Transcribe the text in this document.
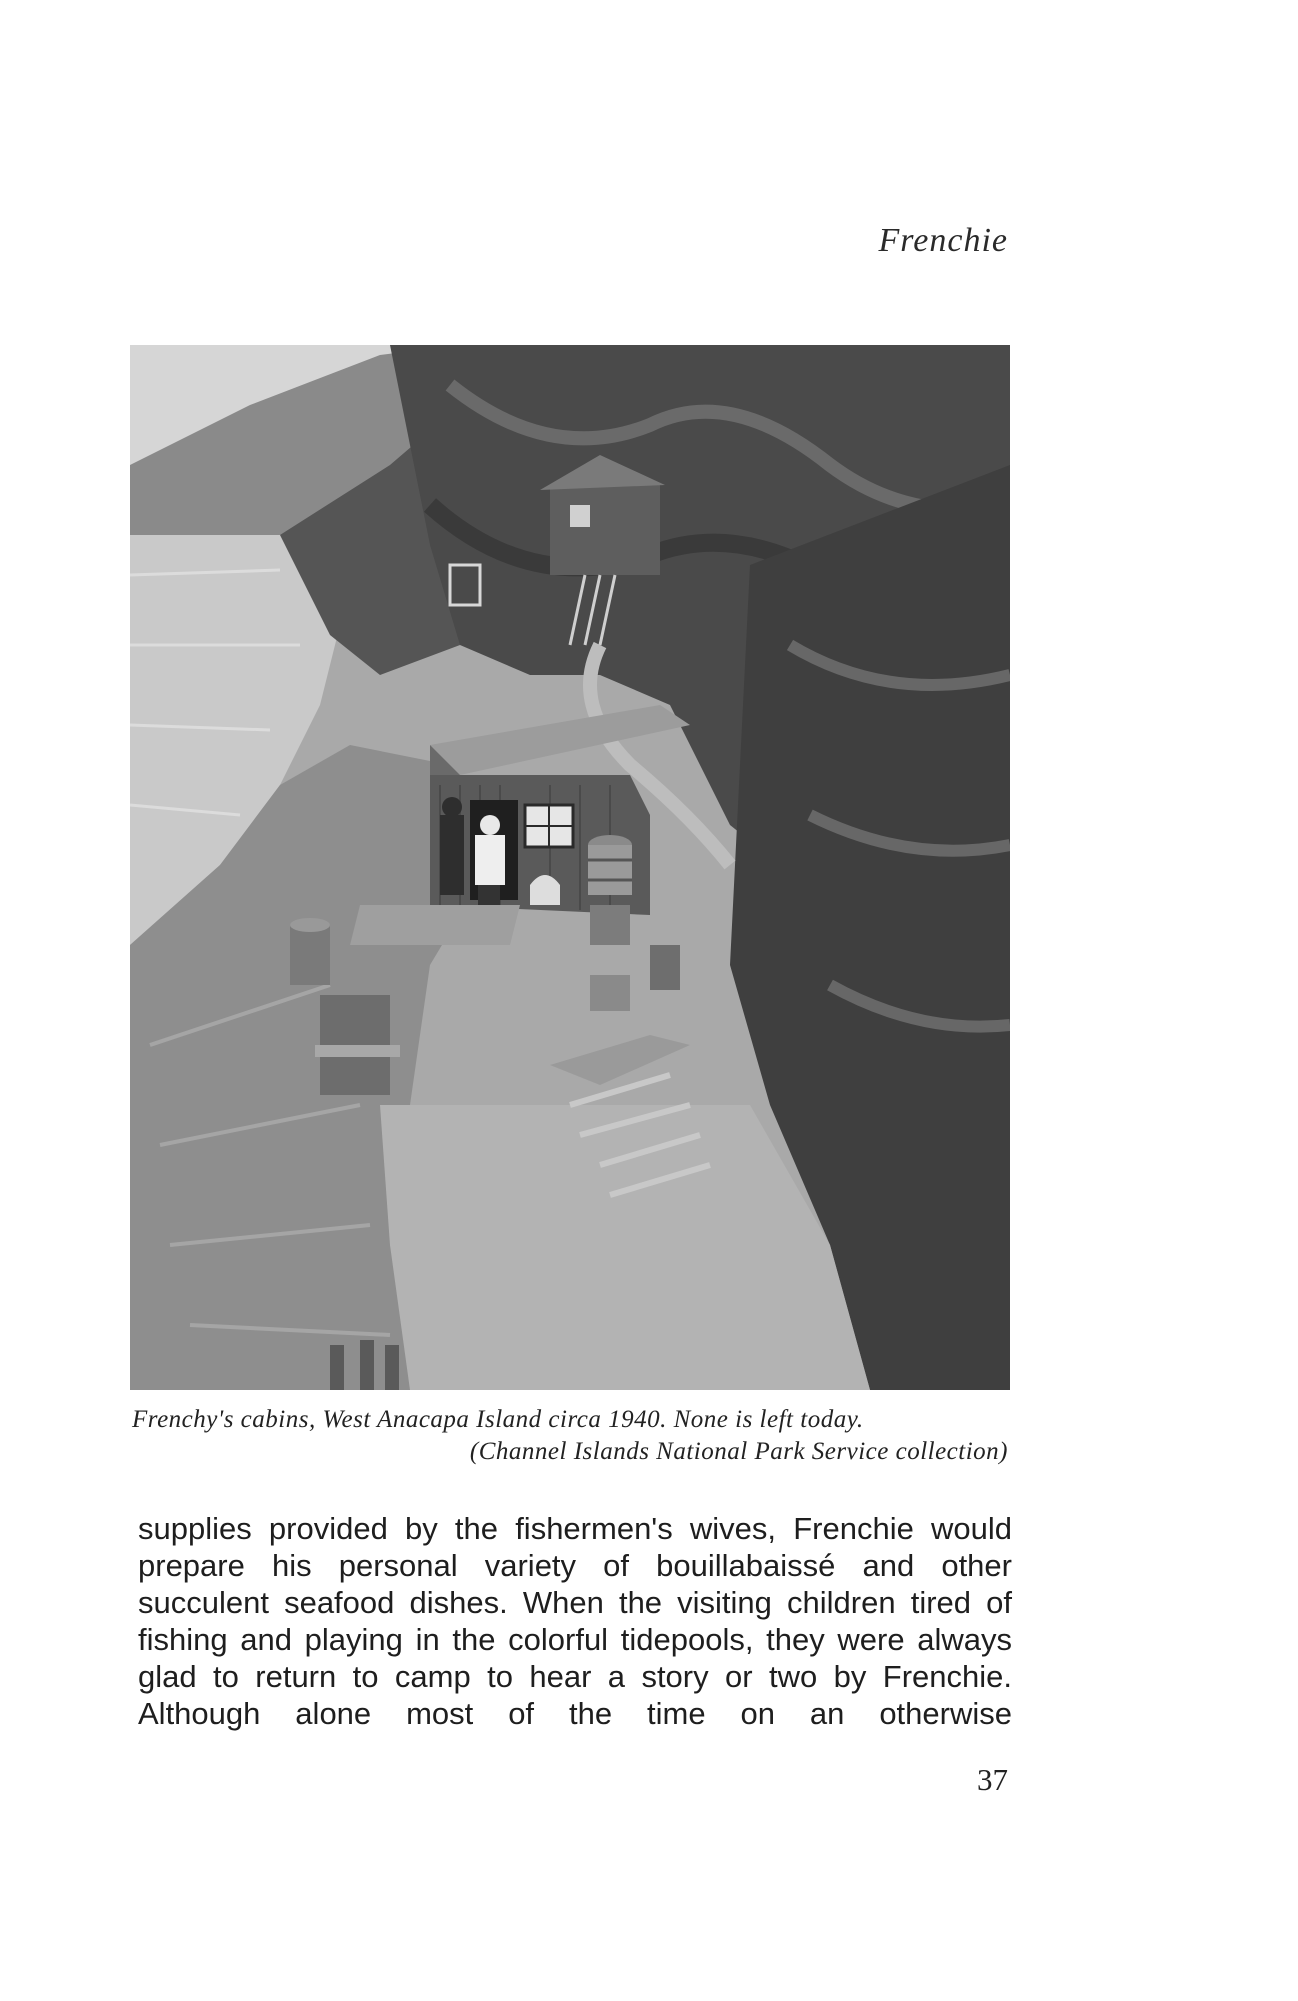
Frenchie
Frenchy's cabins, West Anacapa Island circa 1940. None is left today.
(Channel Islands National Park Service collection)
supplies provided by the fishermen's wives, Frenchie would
prepare his personal variety of bouillabaissé and other
succulent seafood dishes. When the visiting children tired of
fishing and playing in the colorful tidepools, they were always
glad to return to camp to hear a story or two by Frenchie.
Although alone most of the time on an otherwise
37
